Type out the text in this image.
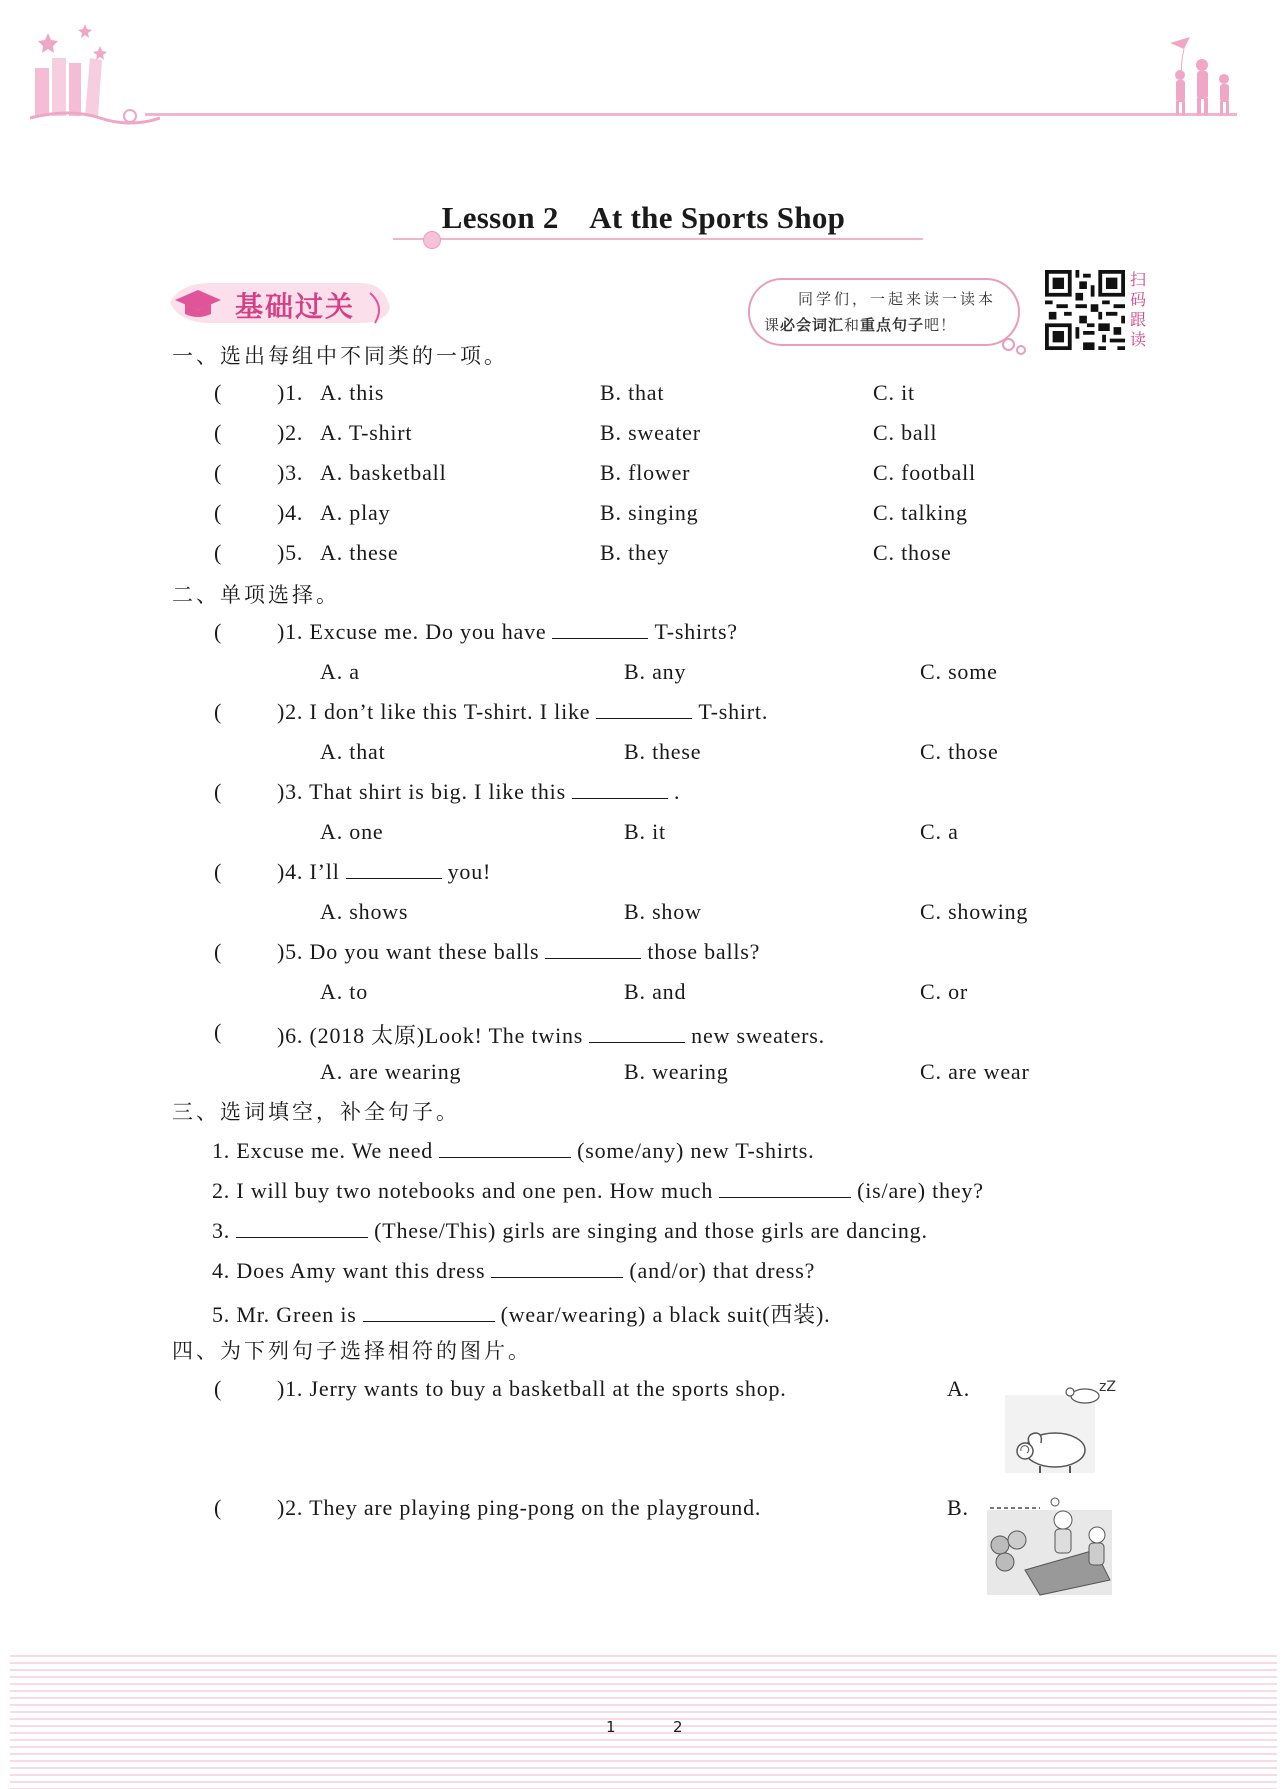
Lesson 2    At the Sports Shop
基础过关	同学们，一起来读一读本
课必会词汇和重点句子吧！
扫码跟读
一、选出每组中不同类的一项。
(	)1. A. this	B. that	C. it
(	)2. A. T-shirt	B. sweater	C. ball
(	)3. A. basketball	B. flower	C. football
(	)4. A. play	B. singing	C. talking
(	)5. A. these	B. they	C. those
二、单项选择。
(	)1. Excuse me. Do you have	T-shirts?
A. a	B. any	C. some
(	)2. I don’t like this T-shirt. I like	T-shirt.
A. that	B. these	C. those
(	)3. That shirt is big. I like this	.
A. one	B. it	C. a
(	)4. I’ll	you!
A. shows	B. show	C. showing
(	)5. Do you want these balls	those balls?
A. to	B. and	C. or
(	)6. (2018 太原)Look! The twins	new sweaters.
A. are wearing	B. wearing	C. are wear
三、选词填空，补全句子。
1. Excuse me. We need	(some/any) new T-shirts.
2. I will buy two notebooks and one pen. How much	(is/are) they?
3.	(These/This) girls are singing and those girls are dancing.
4. Does Amy want this dress	(and/or) that dress?
5. Mr. Green is	(wear/wearing) a black suit(西装).
四、为下列句子选择相符的图片。
(	)1. Jerry wants to buy a basketball at the sports shop.	A.
(	)2. They are playing ping-pong on the playground.	B.
zZ
1	2
